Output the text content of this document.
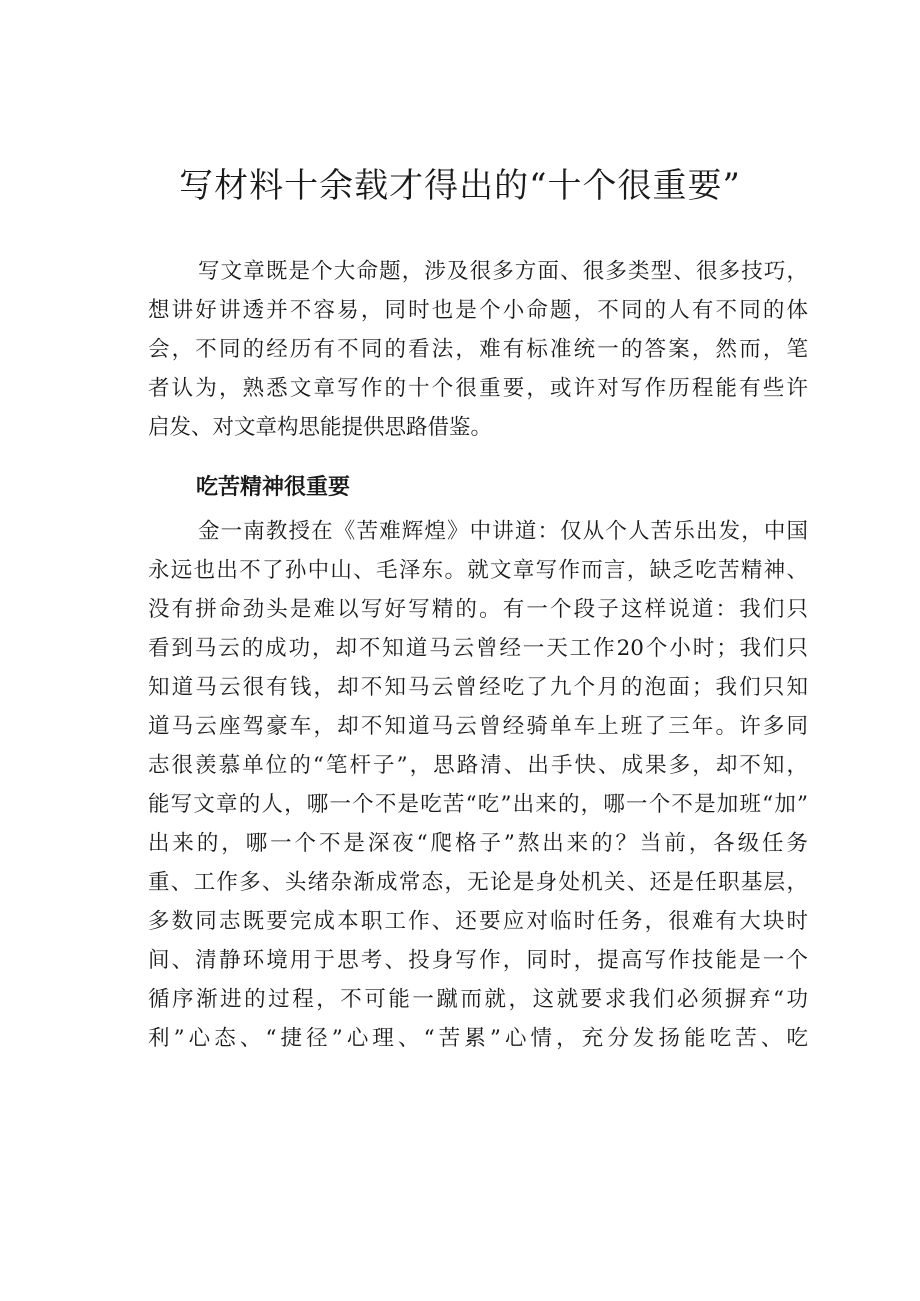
写材料十余载才得出的“十个很重要”
写文章既是个大命题，涉及很多方面、很多类型、很多技巧，
想讲好讲透并不容易，同时也是个小命题，不同的人有不同的体
会，不同的经历有不同的看法，难有标准统一的答案，然而，笔
者认为，熟悉文章写作的十个很重要，或许对写作历程能有些许
启发、对文章构思能提供思路借鉴。
吃苦精神很重要
金一南教授在《苦难辉煌》中讲道：仅从个人苦乐出发，中国
永远也出不了孙中山、毛泽东。就文章写作而言，缺乏吃苦精神、
没有拼命劲头是难以写好写精的。有一个段子这样说道：我们只
看到马云的成功，却不知道马云曾经一天工作20个小时；我们只
知道马云很有钱，却不知马云曾经吃了九个月的泡面；我们只知
道马云座驾豪车，却不知道马云曾经骑单车上班了三年。许多同
志很羡慕单位的“笔杆子”，思路清、出手快、成果多，却不知，
能写文章的人，哪一个不是吃苦“吃”出来的，哪一个不是加班“加”
出来的，哪一个不是深夜“爬格子”熬出来的？当前，各级任务
重、工作多、头绪杂渐成常态，无论是身处机关、还是任职基层，
多数同志既要完成本职工作、还要应对临时任务，很难有大块时
间、清静环境用于思考、投身写作，同时，提高写作技能是一个
循序渐进的过程，不可能一蹴而就，这就要求我们必须摒弃“功
利”心态、“捷径”心理、“苦累”心情，充分发扬能吃苦、吃
